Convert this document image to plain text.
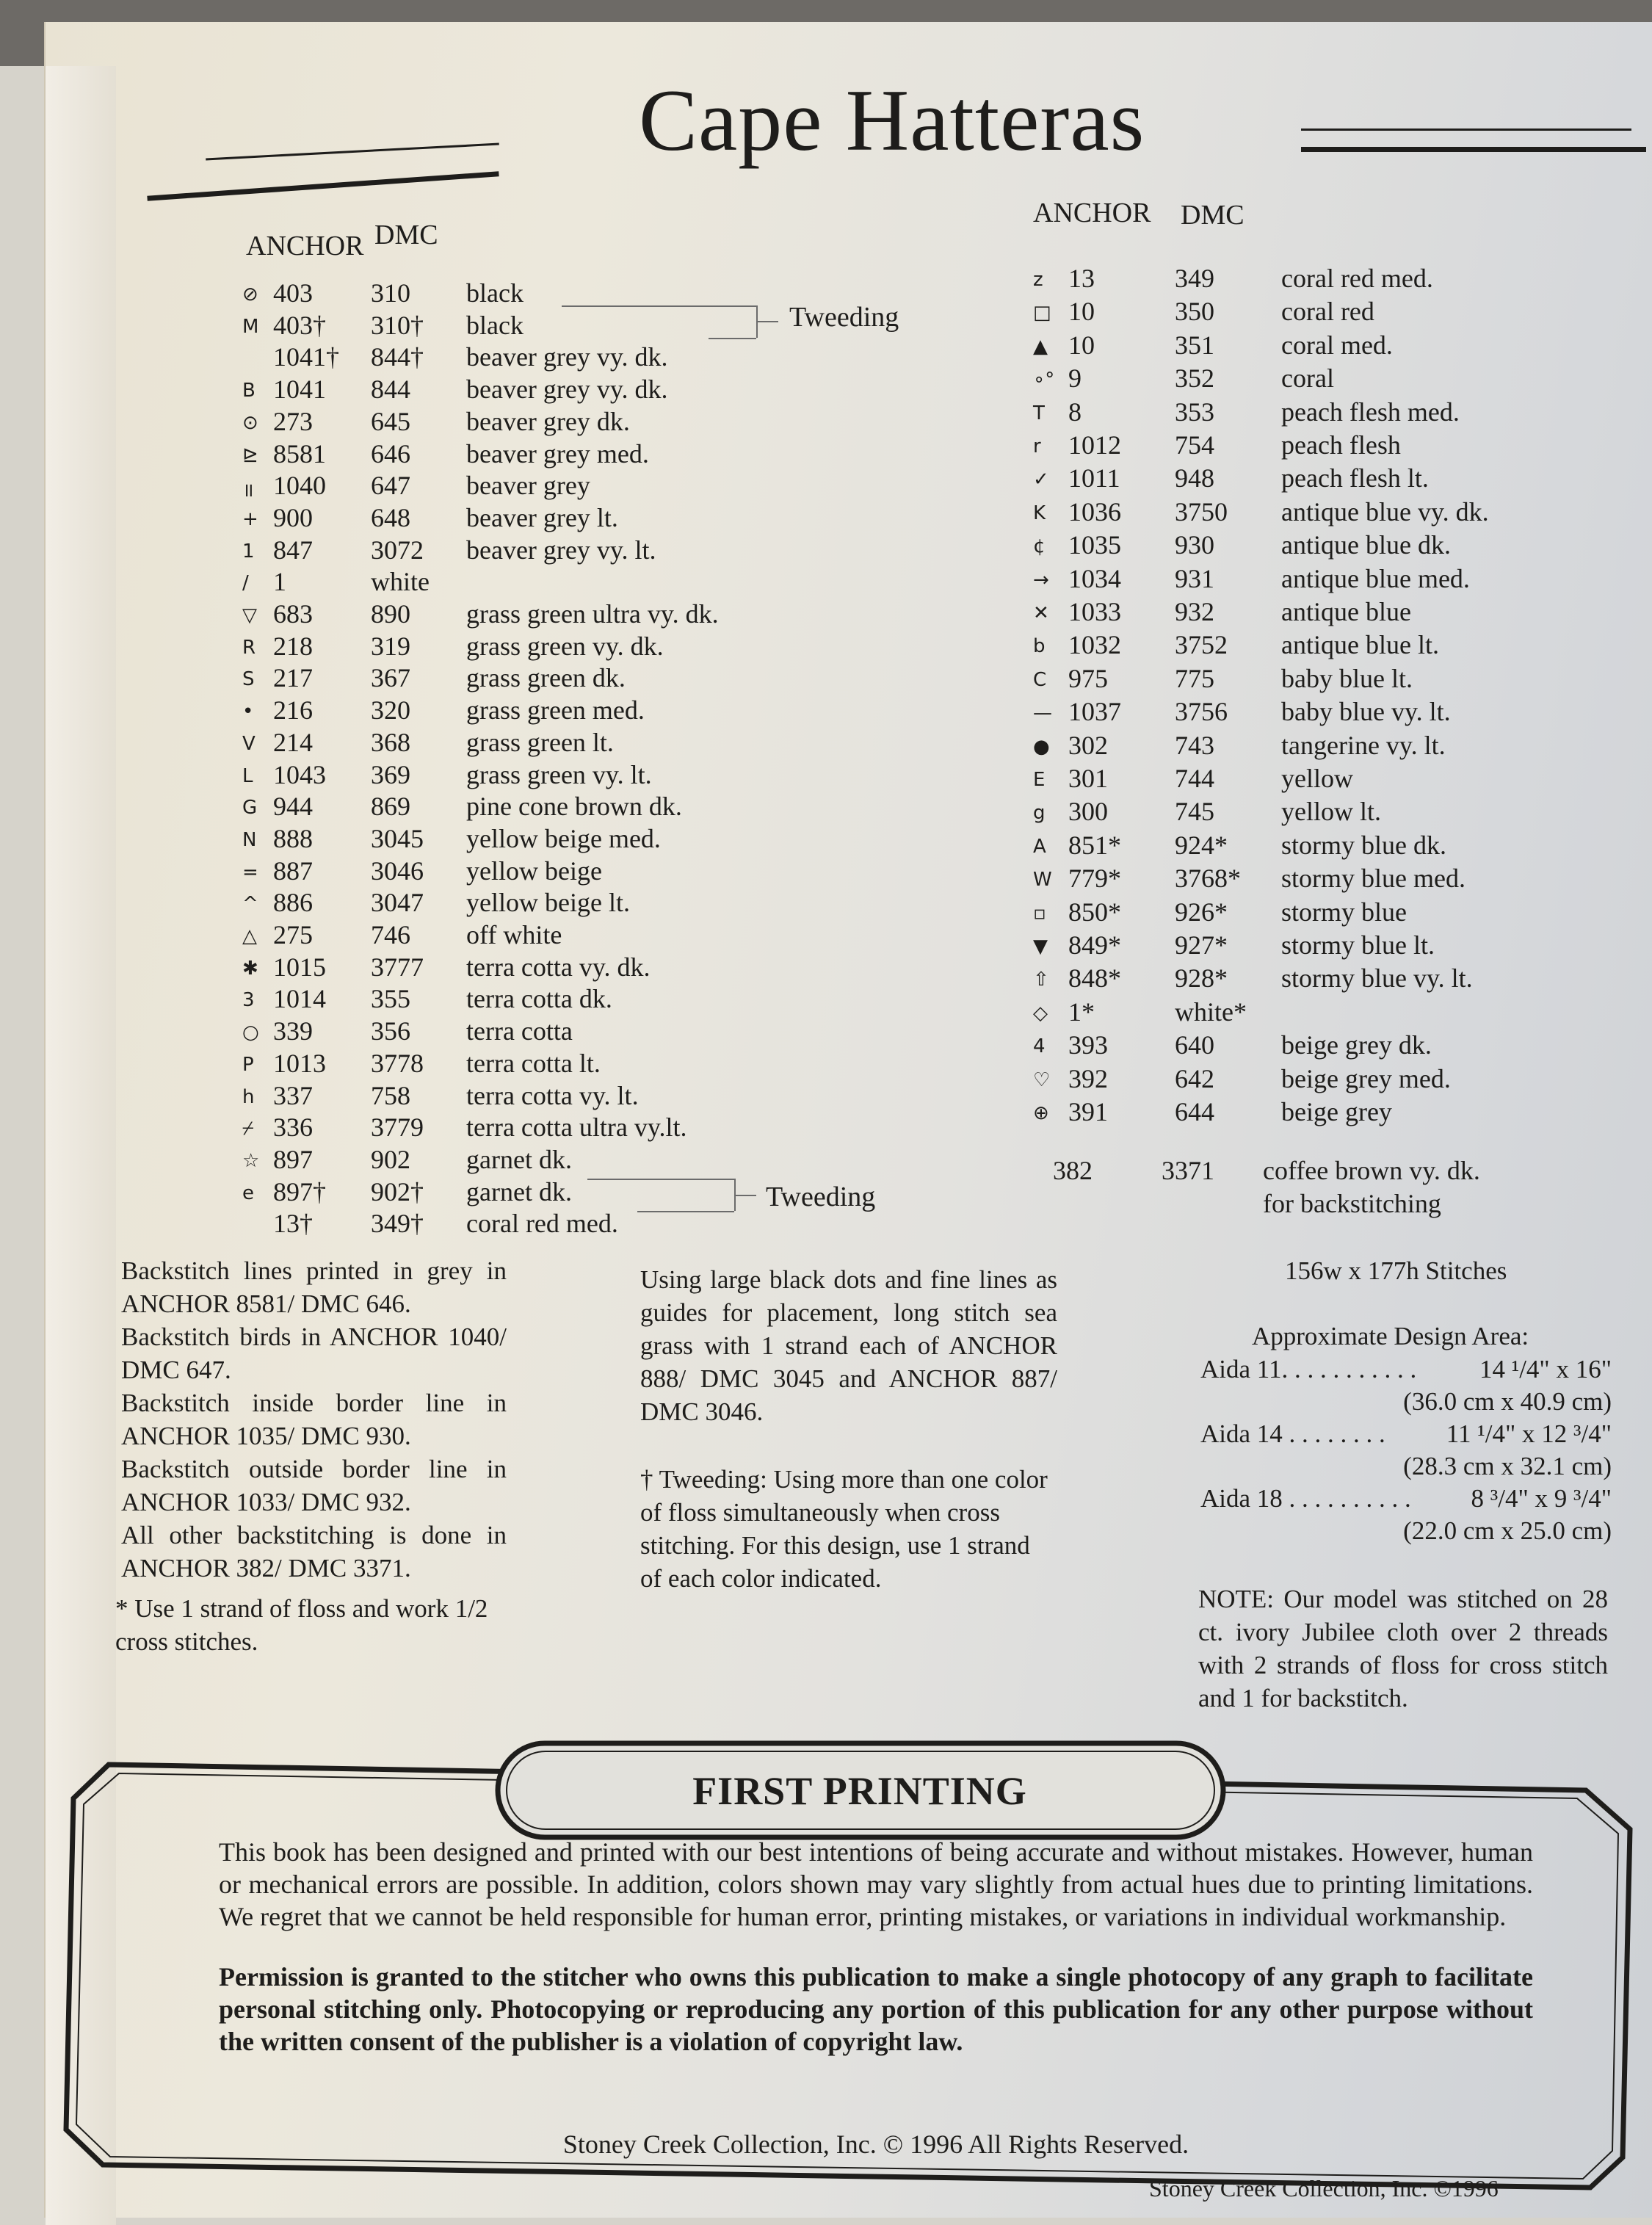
Cape Hatteras
ANCHOR DMC
⊘ 403 310 black
M 403† 310† black
1041† 844† beaver grey vy. dk.
B 1041 844 beaver grey vy. dk.
⊙ 273 645 beaver grey dk.
⊵ 8581 646 beaver grey med.
॥ 1040 647 beaver grey
+ 900 648 beaver grey lt.
1 847 3072 beaver grey vy. lt.
/ 1	white
▽ 683 890 grass green ultra vy. dk.
R 218 319 grass green vy. dk.
S 217 367 grass green dk.
• 216 320 grass green med.
V 214 368 grass green lt.
L 1043 369 grass green vy. lt.
G 944 869 pine cone brown dk.
N 888 3045 yellow beige med.
= 887 3046 yellow beige
^ 886 3047 yellow beige lt.
△ 275 746 off white
✱ 1015 3777 terra cotta vy. dk.
3 1014 355 terra cotta dk.
○ 339 356 terra cotta
P 1013 3778 terra cotta lt.
h 337 758 terra cotta vy. lt.
⌿ 336 3779 terra cotta ultra vy.lt.
☆ 897 902 garnet dk.
e 897† 902† garnet dk.
13† 349† coral red med.
Tweeding
Tweeding
ANCHOR DMC
z 13	349	coral red med.
□ 10	350	coral red
▲ 10	351	coral med.
∘° 9	352	coral
T 8	353	peach flesh med.
r 1012 754	peach flesh
✓ 1011 948	peach flesh lt.
K 1036 3750 antique blue vy. dk.
¢ 1035 930	antique blue dk.
→ 1034 931	antique blue med.
✕ 1033 932	antique blue
b 1032 3752 antique blue lt.
C 975	775	baby blue lt.
— 1037 3756 baby blue vy. lt.
● 302	743	tangerine vy. lt.
E 301	744	yellow
g 300	745	yellow lt.
A 851* 924* stormy blue dk.
W 779* 3768* stormy blue med.
▫ 850* 926* stormy blue
▼ 849* 927* stormy blue lt.
⇧ 848* 928* stormy blue vy. lt.
◇ 1*	white*
4 393	640	beige grey dk.
♡ 392	642	beige grey med.
⊕ 391	644	beige grey
382	3371 coffee brown vy. dk.
for backstitching

Backstitch lines printed in grey in ANCHOR 8581/ DMC 646.

Backstitch birds in ANCHOR 1040/ DMC 647.

Backstitch inside border line in ANCHOR 1035/ DMC 930.

Backstitch outside border line in ANCHOR 1033/ DMC 932.

All other backstitching is done in ANCHOR 382/ DMC 3371.

* Use 1 strand of floss and work 1/2 cross stitches.
Using large black dots and fine lines as guides for placement, long stitch sea grass with 1 strand each of ANCHOR 888/ DMC 3045 and ANCHOR 887/ DMC 3046.
† Tweeding: Using more than one color of floss simultaneously when cross stitching. For this design, use 1 strand of each color indicated.
156w x 177h Stitches
Approximate Design Area:
Aida 11. . . . . . . . . . . 14 ¹/4" x 16"
(36.0 cm x 40.9 cm)
Aida 14 . . . . . . . . 11 ¹/4" x 12 ³/4"
(28.3 cm x 32.1 cm)
Aida 18 . . . . . . . . . . 8 ³/4" x 9 ³/4"
(22.0 cm x 25.0 cm)
NOTE: Our model was stitched on 28 ct. ivory Jubilee cloth over 2 threads with 2 strands of floss for cross stitch and 1 for backstitch.
FIRST PRINTING

This book has been designed and printed with our best intentions of being accurate and without mistakes. However, human or mechanical errors are possible. In addition, colors shown may vary slightly from actual hues due to printing limitations. We regret that we cannot be held responsible for human error, printing mistakes, or variations in individual workmanship.

Permission is granted to the stitcher who owns this publication to make a single photocopy of any graph to facilitate personal stitching only. Photocopying or reproducing any portion of this publication for any other purpose without the written consent of the publisher is a violation of copyright law.

Stoney Creek Collection, Inc. © 1996 All Rights Reserved.
Stoney Creek Collection, Inc. ©1996
